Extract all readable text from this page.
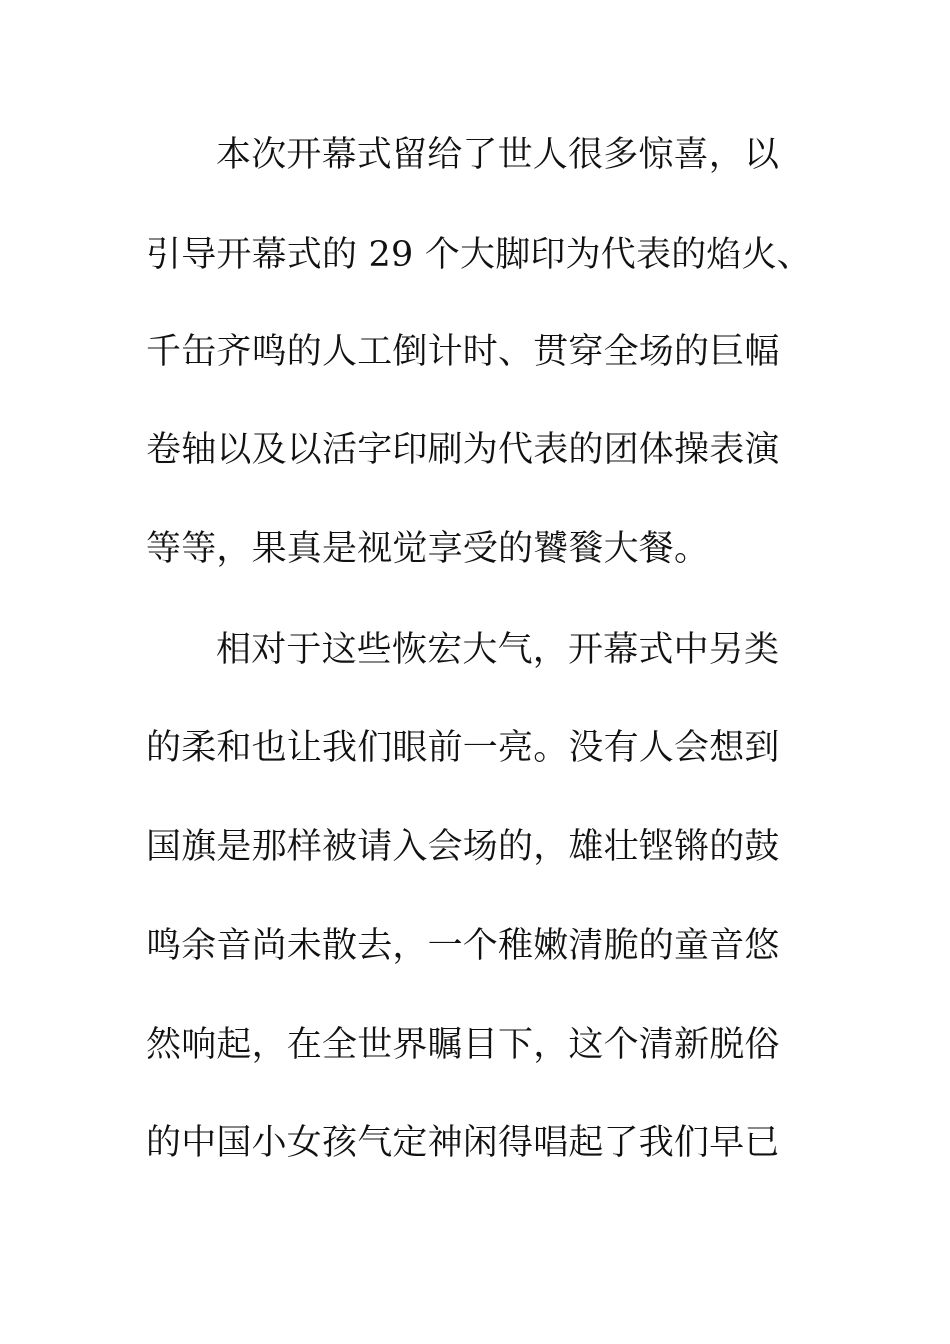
本次开幕式留给了世人很多惊喜，以
引导开幕式的 29 个大脚印为代表的焰火、
千缶齐鸣的人工倒计时、贯穿全场的巨幅
卷轴以及以活字印刷为代表的团体操表演
等等，果真是视觉享受的饕餮大餐。
相对于这些恢宏大气，开幕式中另类
的柔和也让我们眼前一亮。没有人会想到
国旗是那样被请入会场的，雄壮铿锵的鼓
鸣余音尚未散去，一个稚嫩清脆的童音悠
然响起，在全世界瞩目下，这个清新脱俗
的中国小女孩气定神闲得唱起了我们早已
